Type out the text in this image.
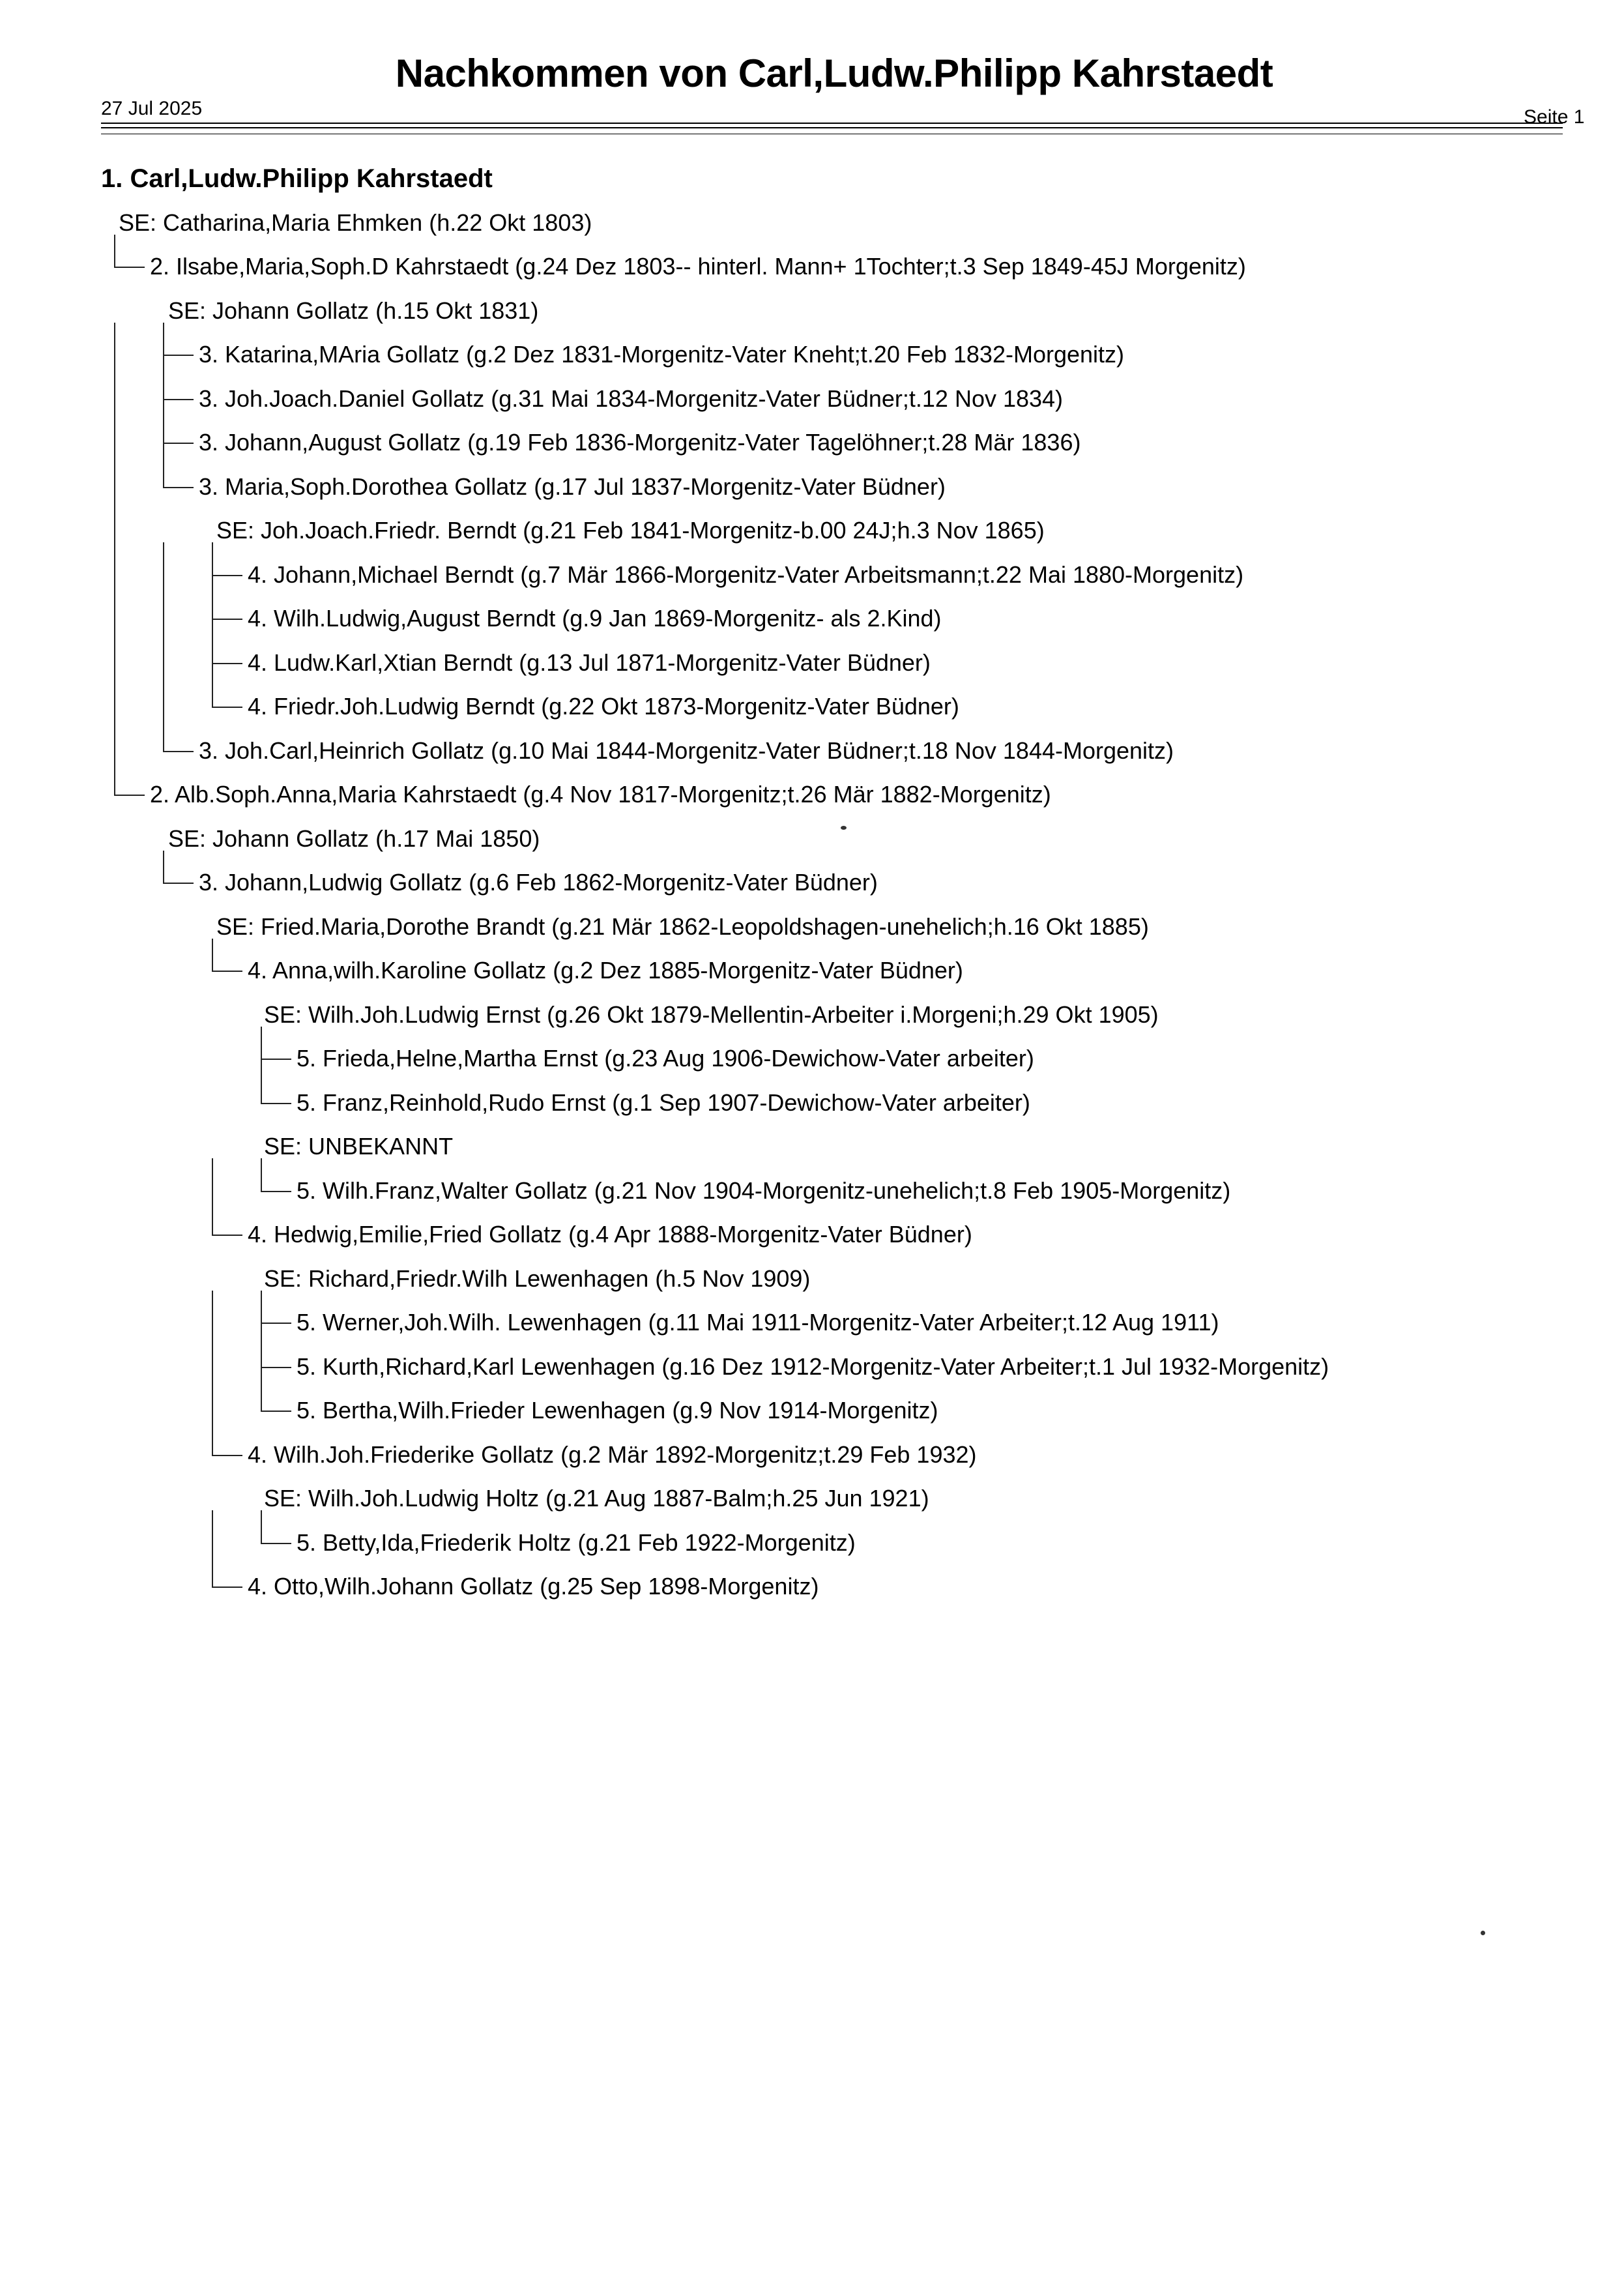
Nachkommen von Carl,Ludw.Philipp Kahrstaedt
27 Jul 2025	Seite 1
1. Carl,Ludw.Philipp Kahrstaedt
SE: Catharina,Maria Ehmken (h.22 Okt 1803)
2. Ilsabe,Maria,Soph.D Kahrstaedt (g.24 Dez 1803-- hinterl. Mann+ 1Tochter;t.3 Sep 1849-45J Morgenitz)
SE: Johann Gollatz (h.15 Okt 1831)
3. Katarina,MAria Gollatz (g.2 Dez 1831-Morgenitz-Vater Kneht;t.20 Feb 1832-Morgenitz)
3. Joh.Joach.Daniel Gollatz (g.31 Mai 1834-Morgenitz-Vater Büdner;t.12 Nov 1834)
3. Johann,August Gollatz (g.19 Feb 1836-Morgenitz-Vater Tagelöhner;t.28 Mär 1836)
3. Maria,Soph.Dorothea Gollatz (g.17 Jul 1837-Morgenitz-Vater Büdner)
SE: Joh.Joach.Friedr. Berndt (g.21 Feb 1841-Morgenitz-b.00 24J;h.3 Nov 1865)
4. Johann,Michael Berndt (g.7 Mär 1866-Morgenitz-Vater Arbeitsmann;t.22 Mai 1880-Morgenitz)
4. Wilh.Ludwig,August Berndt (g.9 Jan 1869-Morgenitz- als 2.Kind)
4. Ludw.Karl,Xtian Berndt (g.13 Jul 1871-Morgenitz-Vater Büdner)
4. Friedr.Joh.Ludwig Berndt (g.22 Okt 1873-Morgenitz-Vater Büdner)
3. Joh.Carl,Heinrich Gollatz (g.10 Mai 1844-Morgenitz-Vater Büdner;t.18 Nov 1844-Morgenitz)
2. Alb.Soph.Anna,Maria Kahrstaedt (g.4 Nov 1817-Morgenitz;t.26 Mär 1882-Morgenitz)
SE: Johann Gollatz (h.17 Mai 1850)
3. Johann,Ludwig Gollatz (g.6 Feb 1862-Morgenitz-Vater Büdner)
SE: Fried.Maria,Dorothe Brandt (g.21 Mär 1862-Leopoldshagen-unehelich;h.16 Okt 1885)
4. Anna,wilh.Karoline Gollatz (g.2 Dez 1885-Morgenitz-Vater Büdner)
SE: Wilh.Joh.Ludwig Ernst (g.26 Okt 1879-Mellentin-Arbeiter i.Morgeni;h.29 Okt 1905)
5. Frieda,Helne,Martha Ernst (g.23 Aug 1906-Dewichow-Vater arbeiter)
5. Franz,Reinhold,Rudo Ernst (g.1 Sep 1907-Dewichow-Vater arbeiter)
SE: UNBEKANNT
5. Wilh.Franz,Walter Gollatz (g.21 Nov 1904-Morgenitz-unehelich;t.8 Feb 1905-Morgenitz)
4. Hedwig,Emilie,Fried Gollatz (g.4 Apr 1888-Morgenitz-Vater Büdner)
SE: Richard,Friedr.Wilh Lewenhagen (h.5 Nov 1909)
5. Werner,Joh.Wilh. Lewenhagen (g.11 Mai 1911-Morgenitz-Vater Arbeiter;t.12 Aug 1911)
5. Kurth,Richard,Karl Lewenhagen (g.16 Dez 1912-Morgenitz-Vater Arbeiter;t.1 Jul 1932-Morgenitz)
5. Bertha,Wilh.Frieder Lewenhagen (g.9 Nov 1914-Morgenitz)
4. Wilh.Joh.Friederike Gollatz (g.2 Mär 1892-Morgenitz;t.29 Feb 1932)
SE: Wilh.Joh.Ludwig Holtz (g.21 Aug 1887-Balm;h.25 Jun 1921)
5. Betty,Ida,Friederik Holtz (g.21 Feb 1922-Morgenitz)
4. Otto,Wilh.Johann Gollatz (g.25 Sep 1898-Morgenitz)
